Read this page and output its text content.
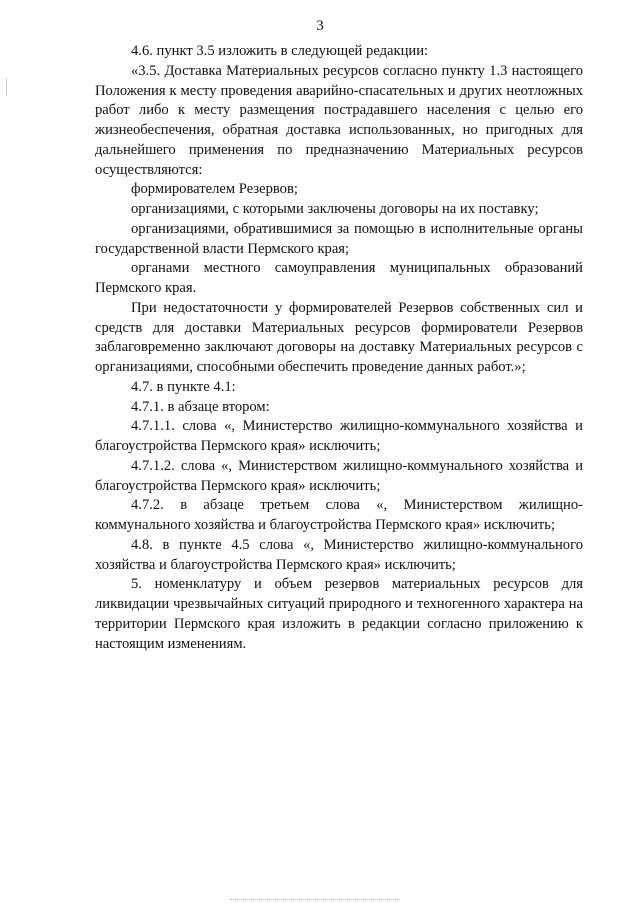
3

4.6. пункт 3.5 изложить в следующей редакции:

«3.5. Доставка Материальных ресурсов согласно пункту 1.3 настоящего Положения к месту проведения аварийно-спасательных и других неотложных работ либо к месту размещения пострадавшего населения с целью его жизнеобеспечения, обратная доставка использованных, но пригодных для дальнейшего применения по предназначению Материальных ресурсов осуществляются:

формирователем Резервов;

организациями, с которыми заключены договоры на их поставку;

организациями, обратившимися за помощью в исполнительные органы государственной власти Пермского края;

органами местного самоуправления муниципальных образований Пермского края.

При недостаточности у формирователей Резервов собственных сил и средств для доставки Материальных ресурсов формирователи Резервов заблаговременно заключают договоры на доставку Материальных ресурсов с организациями, способными обеспечить проведение данных работ.»;

4.7. в пункте 4.1:

4.7.1. в абзаце втором:

4.7.1.1. слова «, Министерство жилищно-коммунального хозяйства и благоустройства Пермского края» исключить;

4.7.1.2. слова «, Министерством жилищно-коммунального хозяйства и благоустройства Пермского края» исключить;

4.7.2. в абзаце третьем слова «, Министерством жилищно-коммунального хозяйства и благоустройства Пермского края» исключить;

4.8. в пункте 4.5 слова «, Министерство жилищно-коммунального хозяйства и благоустройства Пермского края» исключить;

5. номенклатуру и объем резервов материальных ресурсов для ликвидации чрезвычайных ситуаций природного и техногенного характера на территории Пермского края изложить в редакции согласно приложению к настоящим изменениям.
